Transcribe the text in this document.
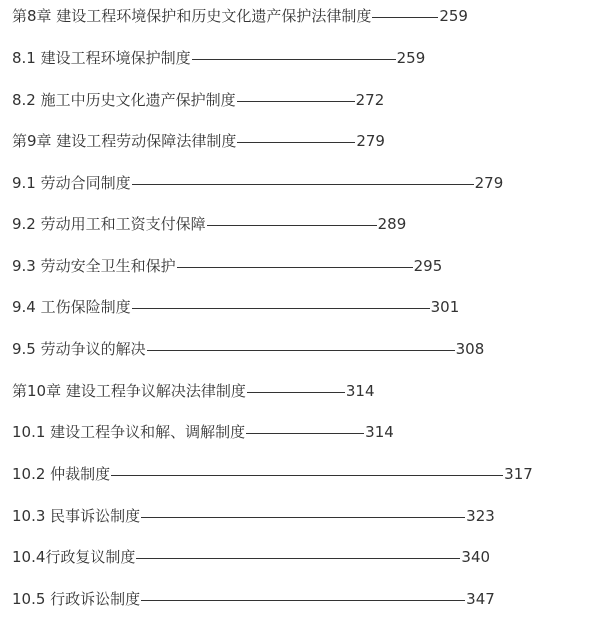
第8章 建设工程环境保护和历史文化遗产保护法律制度	259
8.1 建设工程环境保护制度	259
8.2 施工中历史文化遗产保护制度	272
第9章 建设工程劳动保障法律制度	279
9.1 劳动合同制度	279
9.2 劳动用工和工资支付保障	289
9.3 劳动安全卫生和保护	295
9.4 工伤保险制度	301
9.5 劳动争议的解决	308
第10章 建设工程争议解决法律制度	314
10.1 建设工程争议和解、调解制度	314
10.2 仲裁制度	317
10.3 民事诉讼制度	323
10.4行政复议制度	340
10.5 行政诉讼制度	347
